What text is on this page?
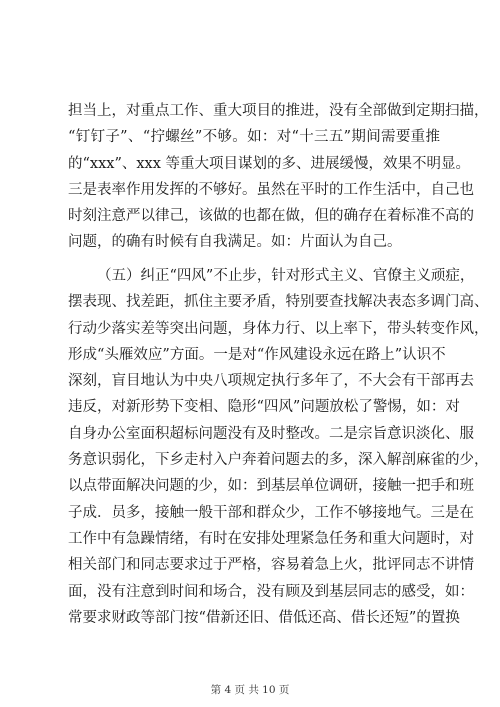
担当上，对重点工作、重大项目的推进，没有全部做到定期扫描，
“钉钉子”、“拧螺丝”不够。如：对“十三五”期间需要重推
的“xxx”、xxx 等重大项目谋划的多、进展缓慢，效果不明显。
三是表率作用发挥的不够好。虽然在平时的工作生活中，自己也
时刻注意严以律己，该做的也都在做，但的确存在着标准不高的
问题，的确有时候有自我满足。如：片面认为自己。
（五）纠正“四风”不止步，针对形式主义、官僚主义顽症，
摆表现、找差距，抓住主要矛盾，特别要查找解决表态多调门高、
行动少落实差等突出问题，身体力行、以上率下，带头转变作风，
形成“头雁效应”方面。一是对“作风建设永远在路上”认识不
深刻，盲目地认为中央八项规定执行多年了，不大会有干部再去
违反，对新形势下变相、隐形“四风”问题放松了警惕，如：对
自身办公室面积超标问题没有及时整改。二是宗旨意识淡化、服
务意识弱化，下乡走村入户奔着问题去的多，深入解剖麻雀的少，
以点带面解决问题的少，如：到基层单位调研，接触一把手和班
子成．员多，接触一般干部和群众少，工作不够接地气。三是在
工作中有急躁情绪，有时在安排处理紧急任务和重大问题时，对
相关部门和同志要求过于严格，容易着急上火，批评同志不讲情
面，没有注意到时间和场合，没有顾及到基层同志的感受，如：
常要求财政等部门按“借新还旧、借低还高、借长还短”的置换
第 4 页 共 10 页
